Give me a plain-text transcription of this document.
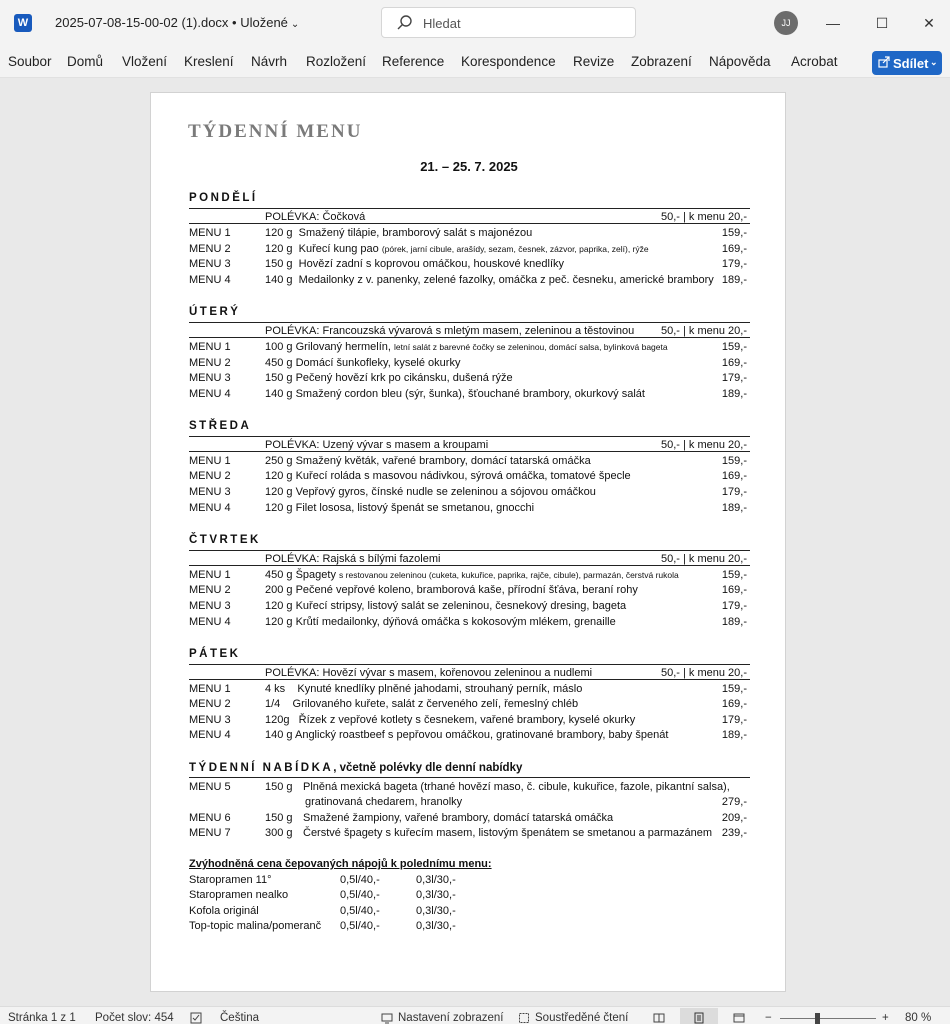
W 2025-07-08-15-00-02 (1).docx • Uložené ⌄	Hledat	JJ	—	☐	✕
Soubor Domů Vložení Kreslení Návrh Rozložení Reference Korespondence Revize Zobrazení Nápověda Acrobat	Sdílet ⌄
TÝDENNÍ MENU
21. – 25. 7. 2025
PONDĚLÍ
POLÉVKA: Čočková	50,- | k menu 20,-
MENU 1	120 g Smažený tilápie, bramborový salát s majonézou	159,-
MENU 2	120 g Kuřecí kung pao (pórek, jarní cibule, arašídy, sezam, česnek, zázvor, paprika, zelí), rýže	169,-
MENU 3	150 g Hovězí zadní s koprovou omáčkou, houskové knedlíky	179,-
MENU 4	140 g Medailonky z v. panenky, zelené fazolky, omáčka z peč. česneku, americké brambory 189,-
ÚTERÝ
POLÉVKA: Francouzská vývarová s mletým masem, zeleninou a těstovinou 50,- | k menu 20,-
MENU 1	100 g Grilovaný hermelín, letní salát z barevné čočky se zeleninou, domácí salsa, bylinková bageta	159,-
MENU 2	450 g Domácí šunkofleky, kyselé okurky	169,-
MENU 3	150 g Pečený hovězí krk po cikánsku, dušená rýže	179,-
MENU 4	140 g Smažený cordon bleu (sýr, šunka), šťouchané brambory, okurkový salát	189,-
STŘEDA
POLÉVKA: Uzený vývar s masem a kroupami	50,- | k menu 20,-
MENU 1	250 g Smažený květák, vařené brambory, domácí tatarská omáčka	159,-
MENU 2	120 g Kuřecí roláda s masovou nádivkou, sýrová omáčka, tomatové špecle	169,-
MENU 3	120 g Vepřový gyros, čínské nudle se zeleninou a sójovou omáčkou	179,-
MENU 4	120 g Filet lososa, listový špenát se smetanou, gnocchi	189,-
ČTVRTEK
POLÉVKA: Rajská s bílými fazolemi	50,- | k menu 20,-
MENU 1	450 g Špagety s restovanou zeleninou (cuketa, kukuřice, paprika, rajče, cibule), parmazán, čerstvá rukola	159,-
MENU 2	200 g Pečené vepřové koleno, bramborová kaše, přírodní šťáva, beraní rohy	169,-
MENU 3	120 g Kuřecí stripsy, listový salát se zeleninou, česnekový dresing, bageta	179,-
MENU 4	120 g Krůtí medailonky, dýňová omáčka s kokosovým mlékem, grenaille	189,-
PÁTEK
POLÉVKA: Hovězí vývar s masem, kořenovou zeleninou a nudlemi	50,- | k menu 20,-
MENU 1	4 ks Kynuté knedlíky plněné jahodami, strouhaný perník, máslo	159,-
MENU 2	1/4 Grilovaného kuřete, salát z červeného zelí, řemeslný chléb	169,-
MENU 3	120g Řízek z vepřové kotlety s česnekem, vařené brambory, kyselé okurky	179,-
MENU 4	140 g Anglický roastbeef s pepřovou omáčkou, gratinované brambory, baby špenát	189,-
TÝDENNÍ NABÍDKA, včetně polévky dle denní nabídky
MENU 5	150 g Plněná mexická bageta (trhané hovězí maso, č. cibule, kukuřice, fazole, pikantní salsa),
gratinovaná chedarem, hranolky	279,-
MENU 6	150 g Smažené žampiony, vařené brambory, domácí tatarská omáčka	209,-
MENU 7	300 g Čerstvé špagety s kuřecím masem, listovým špenátem se smetanou a parmazánem 239,-
Zvýhodněná cena čepovaných nápojů k polednímu menu:
Staropramen 11°	0,5l/40,-	0,3l/30,-
Staropramen nealko	0,5l/40,-	0,3l/30,-
Kofola originál	0,5l/40,-	0,3l/30,-
Top-topic malina/pomeranč 0,5l/40,-	0,3l/30,-
Stránka 1 z 1 Počet slov: 454	Čeština	Nastavení zobrazení	Soustředěné čtení	−	+ 80 %
